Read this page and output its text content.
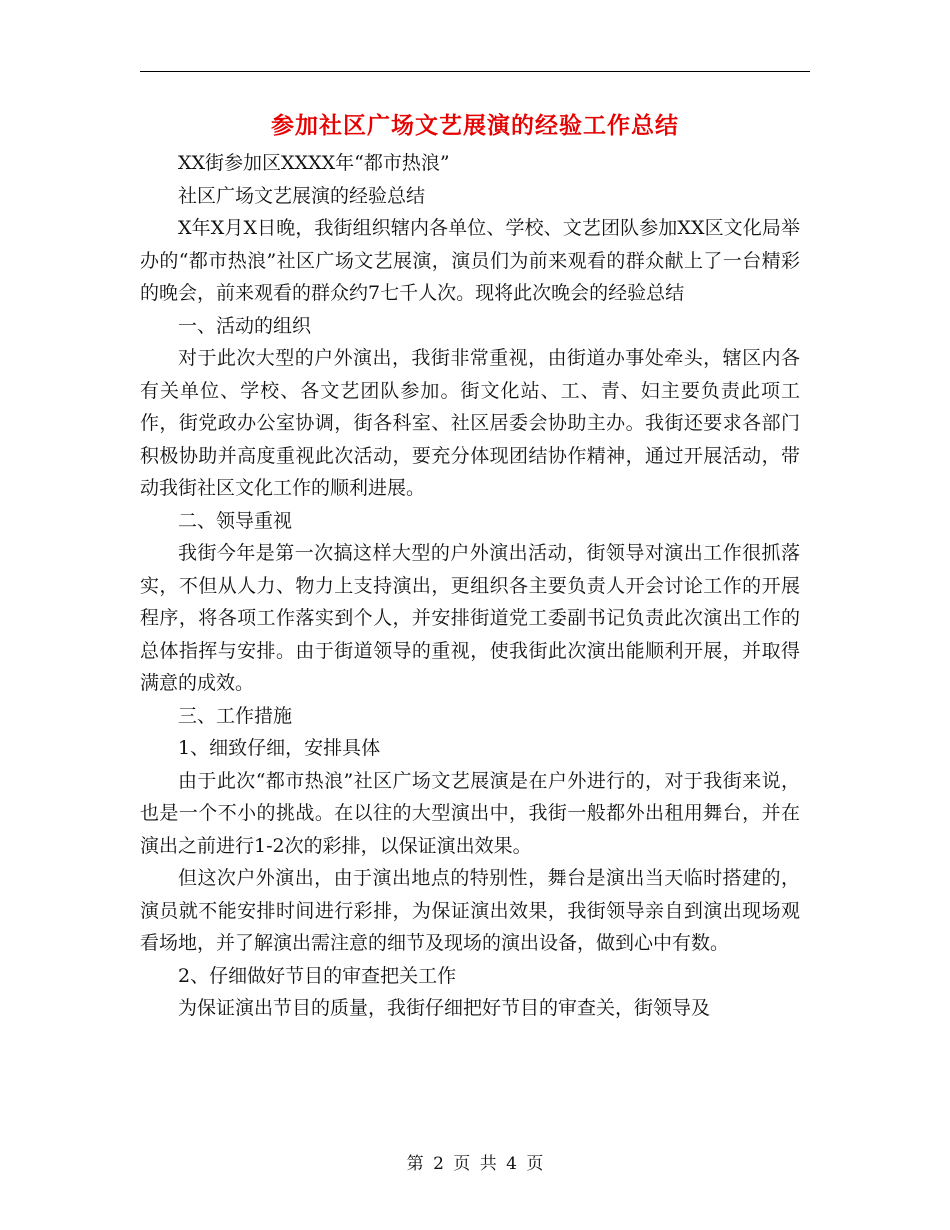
参加社区广场文艺展演的经验工作总结

XX街参加区XXXX年“都市热浪”

社区广场文艺展演的经验总结

X年X月X日晚，我街组织辖内各单位、学校、文艺团队参加XX区文化局举办的“都市热浪”社区广场文艺展演，演员们为前来观看的群众献上了一台精彩的晚会，前来观看的群众约7七千人次。现将此次晚会的经验总结

一、活动的组织

对于此次大型的户外演出，我街非常重视，由街道办事处牵头，辖区内各有关单位、学校、各文艺团队参加。街文化站、工、青、妇主要负责此项工作，街党政办公室协调，街各科室、社区居委会协助主办。我街还要求各部门积极协助并高度重视此次活动，要充分体现团结协作精神，通过开展活动，带动我街社区文化工作的顺利进展。

二、领导重视

我街今年是第一次搞这样大型的户外演出活动，街领导对演出工作很抓落实，不但从人力、物力上支持演出，更组织各主要负责人开会讨论工作的开展程序，将各项工作落实到个人，并安排街道党工委副书记负责此次演出工作的总体指挥与安排。由于街道领导的重视，使我街此次演出能顺利开展，并取得满意的成效。

三、工作措施

1、细致仔细，安排具体

由于此次“都市热浪”社区广场文艺展演是在户外进行的，对于我街来说，也是一个不小的挑战。在以往的大型演出中，我街一般都外出租用舞台，并在演出之前进行1-2次的彩排，以保证演出效果。

但这次户外演出，由于演出地点的特别性，舞台是演出当天临时搭建的，演员就不能安排时间进行彩排，为保证演出效果，我街领导亲自到演出现场观看场地，并了解演出需注意的细节及现场的演出设备，做到心中有数。

2、仔细做好节目的审查把关工作

为保证演出节目的质量，我街仔细把好节目的审查关，街领导及

第 2 页 共 4 页
